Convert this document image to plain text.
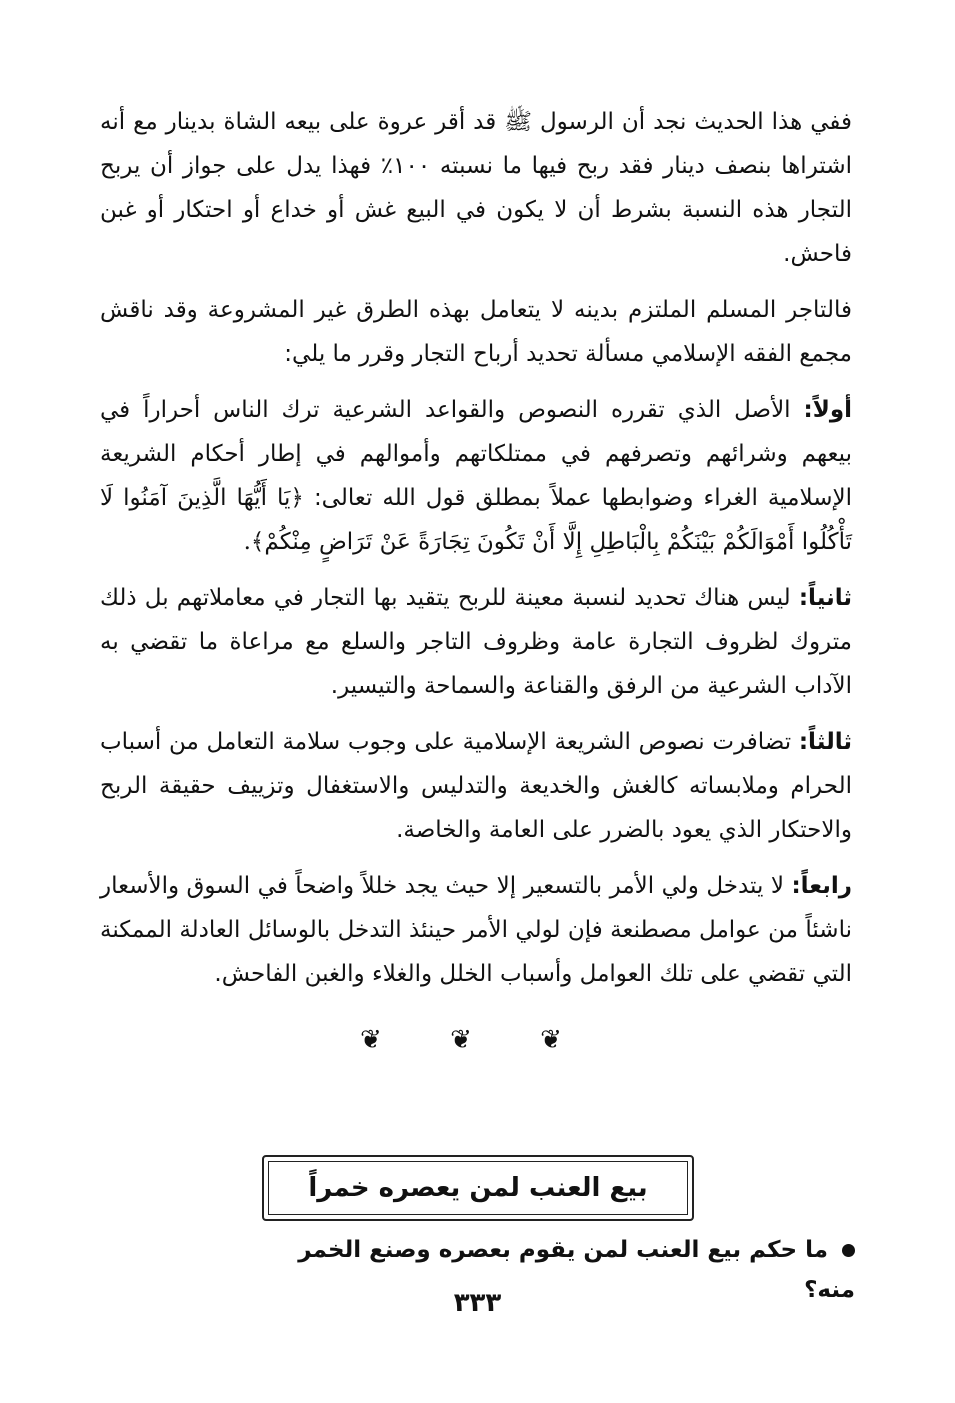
ففي هذا الحديث نجد أن الرسول ﷺ قد أقر عروة على بيعه الشاة بدينار مع أنه اشتراها بنصف دينار فقد ربح فيها ما نسبته ١٠٠٪ فهذا يدل على جواز أن يربح التجار هذه النسبة بشرط أن لا يكون في البيع غش أو خداع أو احتكار أو غبن فاحش.

فالتاجر المسلم الملتزم بدينه لا يتعامل بهذه الطرق غير المشروعة وقد ناقش مجمع الفقه الإسلامي مسألة تحديد أرباح التجار وقرر ما يلي:

أولاً: الأصل الذي تقرره النصوص والقواعد الشرعية ترك الناس أحراراً في بيعهم وشرائهم وتصرفهم في ممتلكاتهم وأموالهم في إطار أحكام الشريعة الإسلامية الغراء وضوابطها عملاً بمطلق قول الله تعالى: ﴿يَا أَيُّهَا الَّذِينَ آمَنُوا لَا تَأْكُلُوا أَمْوَالَكُمْ بَيْنَكُمْ بِالْبَاطِلِ إِلَّا أَنْ تَكُونَ تِجَارَةً عَنْ تَرَاضٍ مِنْكُمْ﴾.

ثانياً: ليس هناك تحديد لنسبة معينة للربح يتقيد بها التجار في معاملاتهم بل ذلك متروك لظروف التجارة عامة وظروف التاجر والسلع مع مراعاة ما تقضي به الآداب الشرعية من الرفق والقناعة والسماحة والتيسير.

ثالثاً: تضافرت نصوص الشريعة الإسلامية على وجوب سلامة التعامل من أسباب الحرام وملابساته كالغش والخديعة والتدليس والاستغفال وتزييف حقيقة الربح والاحتكار الذي يعود بالضرر على العامة والخاصة.

رابعاً: لا يتدخل ولي الأمر بالتسعير إلا حيث يجد خللاً واضحاً في السوق والأسعار ناشئاً من عوامل مصطنعة فإن لولي الأمر حينئذ التدخل بالوسائل العادلة الممكنة التي تقضي على تلك العوامل وأسباب الخلل والغلاء والغبن الفاحش.

❦ ❦ ❦
بيع العنب لمن يعصره خمراً
ما حكم بيع العنب لمن يقوم بعصره وصنع الخمر منه؟
٣٣٣
